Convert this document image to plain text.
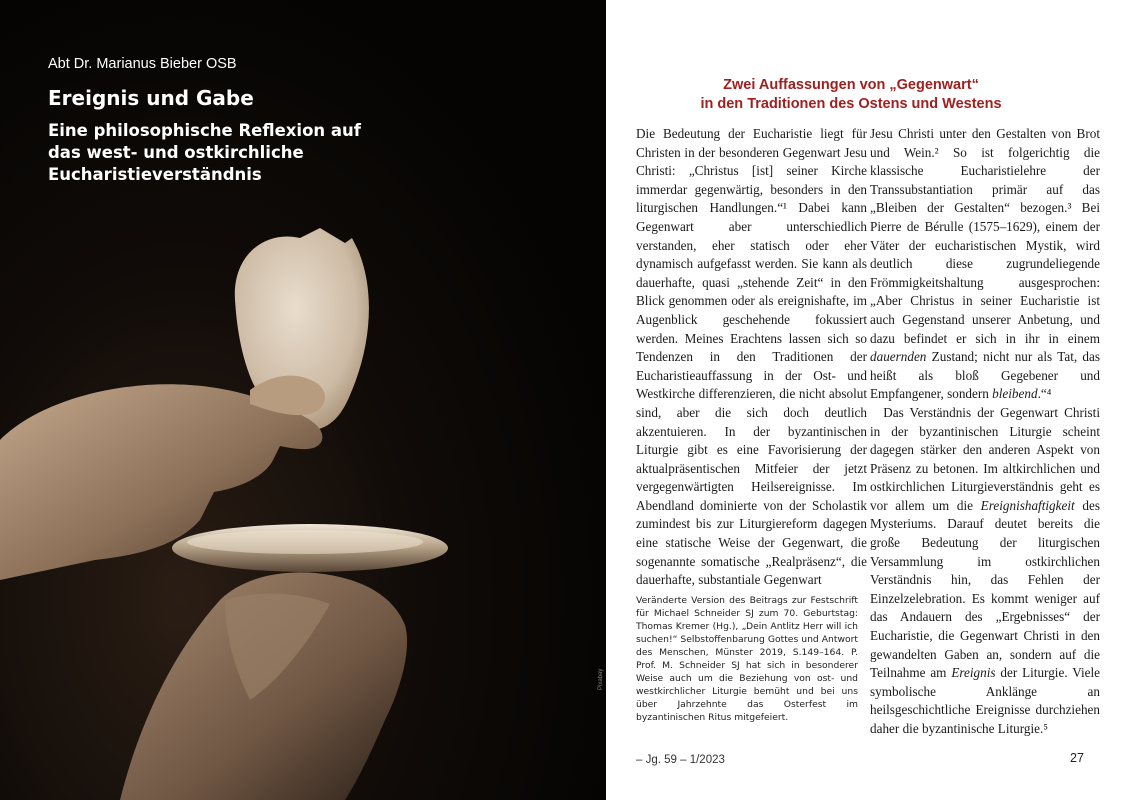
Abt Dr. Marianus Bieber OSB
Ereignis und Gabe
Eine philosophische Reflexion auf das west- und ostkirchliche Eucharistieverständnis
Pixabay
Zwei Auffassungen von „Gegenwart“
in den Traditionen des Ostens und Westens

Die Bedeutung der Eucharistie liegt für Christen in der besonderen Gegenwart Jesu Christi: „Christus [ist] seiner Kirche immerdar gegenwärtig, besonders in den liturgischen Handlungen.“¹ Dabei kann Gegenwart aber unterschiedlich verstanden, eher statisch oder eher dynamisch aufgefasst werden. Sie kann als dauerhafte, quasi „stehende Zeit“ in den Blick genommen oder als ereignishafte, im Augenblick geschehende fokussiert werden. Meines Erachtens lassen sich so Tendenzen in den Traditionen der Eucharistieauffassung in der Ost- und Westkirche differenzieren, die nicht absolut sind, aber die sich doch deutlich akzentuieren. In der byzantinischen Liturgie gibt es eine Favorisierung der aktualpräsentischen Mitfeier der jetzt vergegenwärtigten Heilsereignisse. Im Abendland dominierte von der Scholastik zumindest bis zur Liturgiereform dagegen eine statische Weise der Gegenwart, die sogenannte somatische „Realpräsenz“, die dauerhafte, substantiale Gegenwart

Jesu Christi unter den Gestalten von Brot und Wein.² So ist folgerichtig die klassische Eucharistielehre der Transsubstantiation primär auf das „Bleiben der Gestalten“ bezogen.³ Bei Pierre de Bérulle (1575–1629), einem der Väter der eucharistischen Mystik, wird deutlich diese zugrundeliegende Frömmigkeitshaltung ausgesprochen: „Aber Christus in seiner Eucharistie ist auch Gegenstand unserer Anbetung, und dazu befindet er sich in ihr in einem dauernden Zustand; nicht nur als Tat, das heißt als bloß Gegebener und Empfangener, sondern bleibend.“⁴

Das Verständnis der Gegenwart Christi in der byzantinischen Liturgie scheint dagegen stärker den anderen Aspekt von Präsenz zu betonen. Im altkirchlichen und ostkirchlichen Liturgieverständnis geht es vor allem um die Ereignishaftigkeit des Mysteriums. Darauf deutet bereits die große Bedeutung der liturgischen Versammlung im ostkirchlichen Verständnis hin, das Fehlen der Einzelzelebration. Es kommt weniger auf das Andauern des „Ergebnisses“ der Eucharistie, die Gegenwart Christi in den gewandelten Gaben an, sondern auf die Teilnahme am Ereignis der Liturgie. Viele symbolische Anklänge an heilsgeschichtliche Ereignisse durchziehen daher die byzantinische Liturgie.⁵

Veränderte Version des Beitrags zur Festschrift für Michael Schneider SJ zum 70. Geburtstag: Thomas Kremer (Hg.), „Dein Antlitz Herr will ich suchen!“ Selbstoffenbarung Gottes und Antwort des Menschen, Münster 2019, S.149–164. P. Prof. M. Schneider SJ hat sich in besonderer Weise auch um die Beziehung von ost- und westkirchlicher Liturgie bemüht und bei uns über Jahrzehnte das Osterfest im byzantinischen Ritus mitgefeiert.

– Jg. 59 – 1/2023	27
